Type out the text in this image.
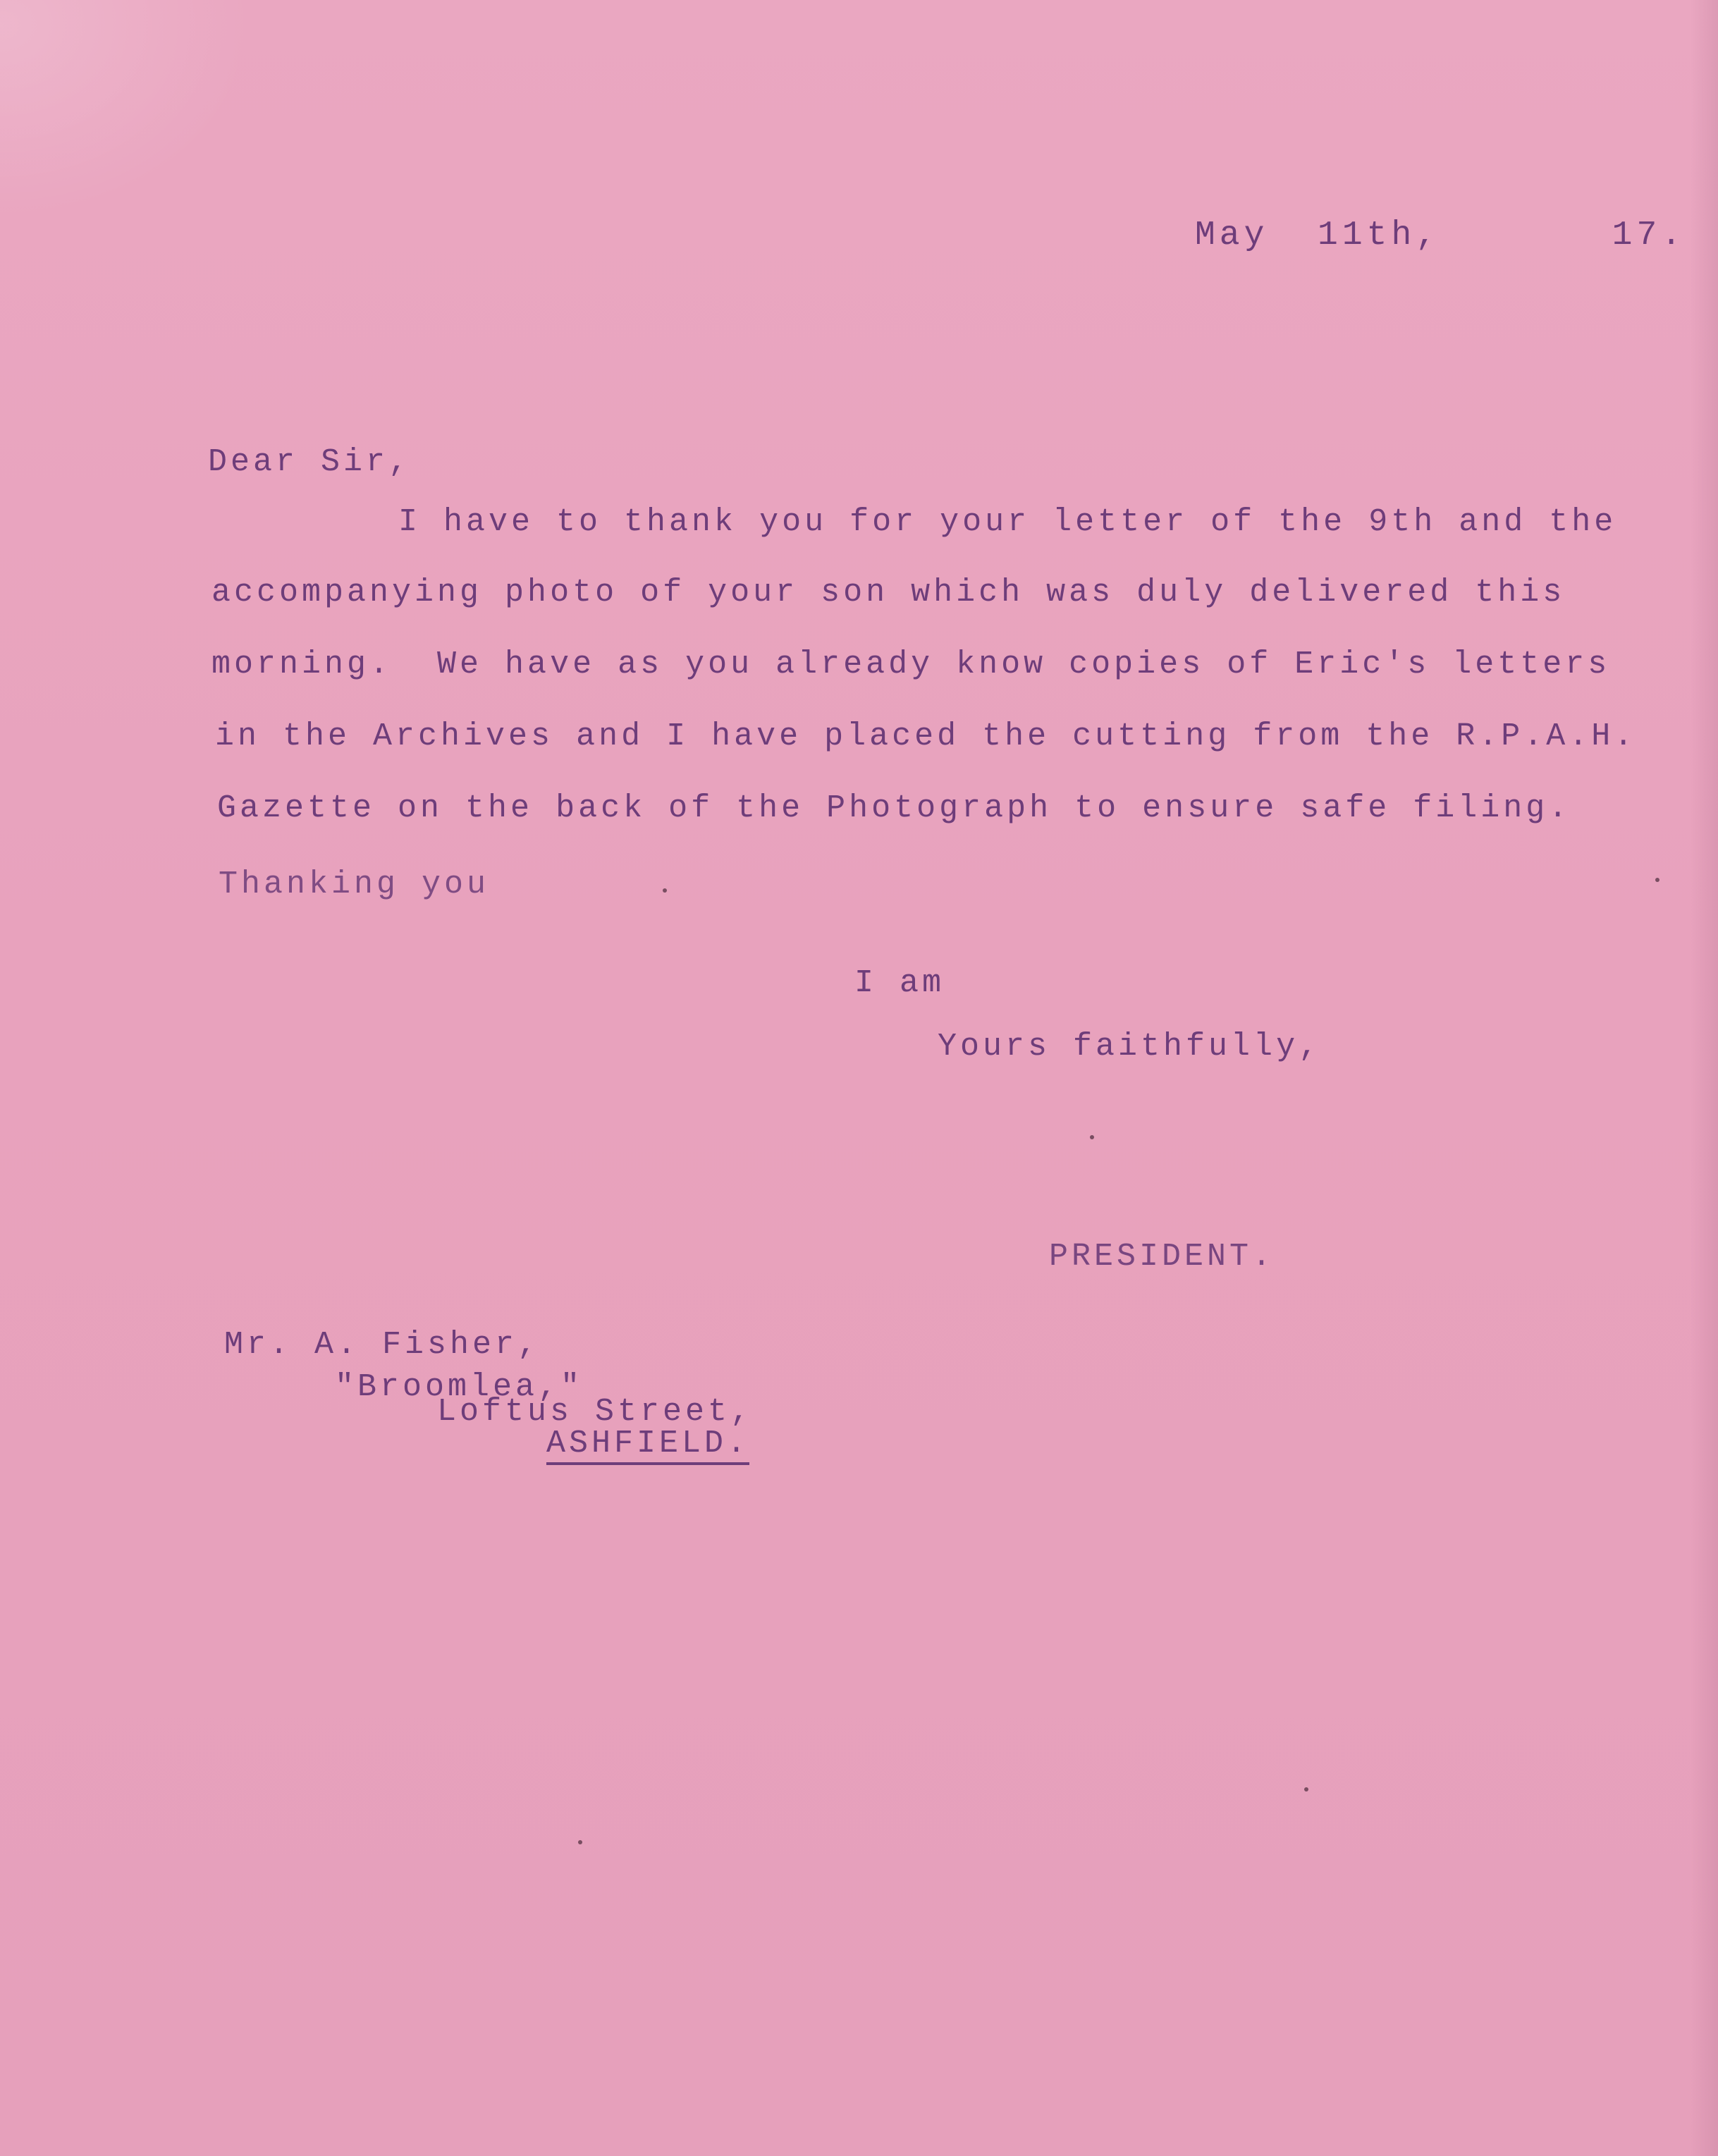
May  11th,       17.
Dear Sir,
I have to thank you for your letter of the 9th and the
accompanying photo of your son which was duly delivered this
morning.  We have as you already know copies of Eric's letters
in the Archives and I have placed the cutting from the R.P.A.H.
Gazette on the back of the Photograph to ensure safe filing.
Thanking you
I am
Yours faithfully,
PRESIDENT.
Mr. A. Fisher,
"Broomlea,"
Loftus Street,
ASHFIELD.
